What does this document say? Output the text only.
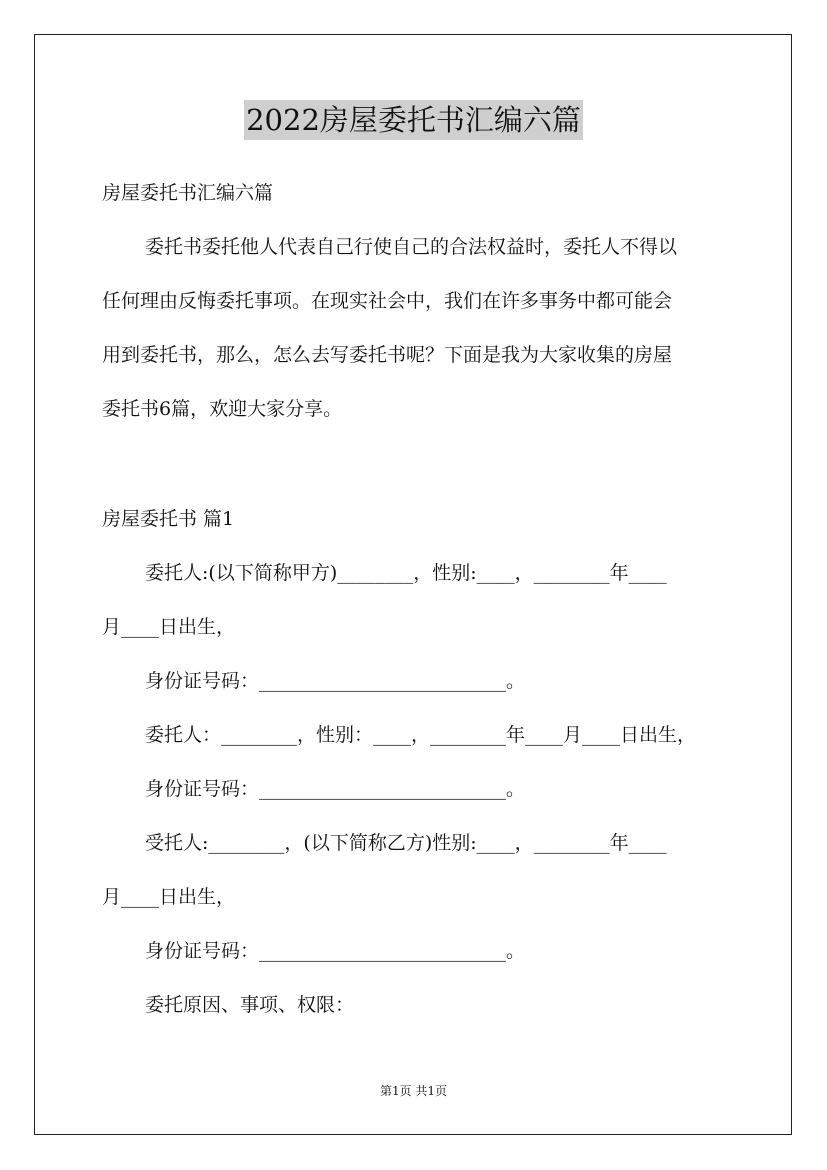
2022房屋委托书汇编六篇
房屋委托书汇编六篇
委托书委托他人代表自己行使自己的合法权益时，委托人不得以
任何理由反悔委托事项。在现实社会中，我们在许多事务中都可能会
用到委托书，那么，怎么去写委托书呢？下面是我为大家收集的房屋
委托书6篇，欢迎大家分享。
房屋委托书 篇1
委托人:(以下简称甲方)________，性别:____，________年____
月____日出生，
身份证号码：__________________________。
委托人：________，性别：____，________年____月____日出生，
身份证号码：__________________________。
受托人:________，(以下简称乙方)性别:____，________年____
月____日出生，
身份证号码：__________________________。
委托原因、事项、权限：
第1页 共1页
